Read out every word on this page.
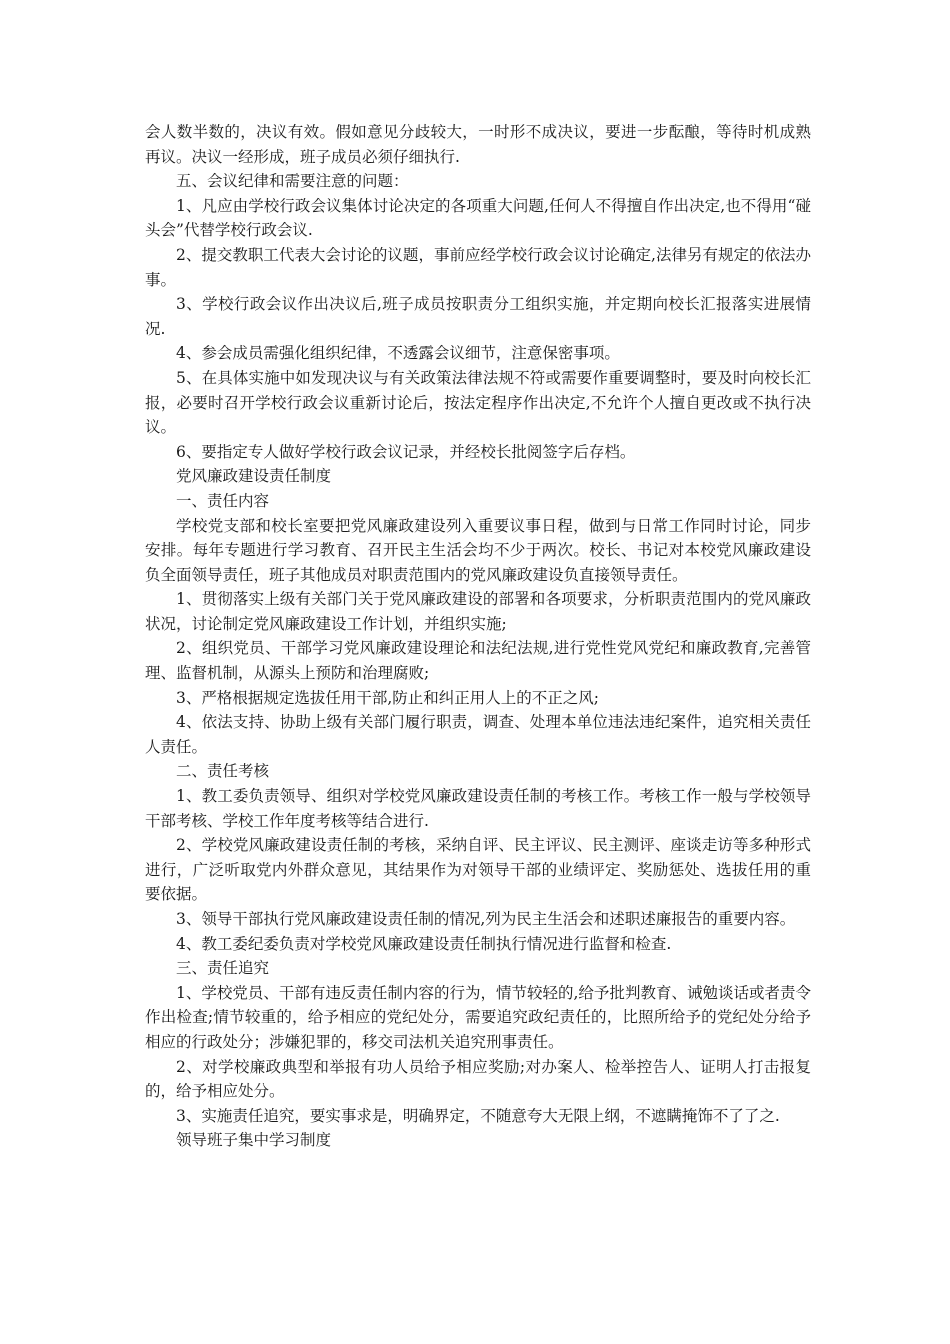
会人数半数的，决议有效。假如意见分歧较大，一时形不成决议，要进一步酝酿，等待时机成熟再议。决议一经形成，班子成员必须仔细执行.

五、会议纪律和需要注意的问题：

1、凡应由学校行政会议集体讨论决定的各项重大问题,任何人不得擅自作出决定,也不得用“碰头会”代替学校行政会议.

2、提交教职工代表大会讨论的议题，事前应经学校行政会议讨论确定,法律另有规定的依法办事。

3、学校行政会议作出决议后,班子成员按职责分工组织实施，并定期向校长汇报落实进展情况.

4、参会成员需强化组织纪律，不透露会议细节，注意保密事项。

5、在具体实施中如发现决议与有关政策法律法规不符或需要作重要调整时，要及时向校长汇报，必要时召开学校行政会议重新讨论后，按法定程序作出决定,不允许个人擅自更改或不执行决议。

6、要指定专人做好学校行政会议记录，并经校长批阅签字后存档。

党风廉政建设责任制度

一、责任内容

学校党支部和校长室要把党风廉政建设列入重要议事日程，做到与日常工作同时讨论，同步安排。每年专题进行学习教育、召开民主生活会均不少于两次。校长、书记对本校党风廉政建设负全面领导责任，班子其他成员对职责范围内的党风廉政建设负直接领导责任。

1、贯彻落实上级有关部门关于党风廉政建设的部署和各项要求，分析职责范围内的党风廉政状况，讨论制定党风廉政建设工作计划，并组织实施;

2、组织党员、干部学习党风廉政建设理论和法纪法规,进行党性党风党纪和廉政教育,完善管理、监督机制，从源头上预防和治理腐败;

3、严格根据规定选拔任用干部,防止和纠正用人上的不正之风;

4、依法支持、协助上级有关部门履行职责，调查、处理本单位违法违纪案件，追究相关责任人责任。

二、责任考核

1、教工委负责领导、组织对学校党风廉政建设责任制的考核工作。考核工作一般与学校领导干部考核、学校工作年度考核等结合进行.

2、学校党风廉政建设责任制的考核，采纳自评、民主评议、民主测评、座谈走访等多种形式进行，广泛听取党内外群众意见，其结果作为对领导干部的业绩评定、奖励惩处、选拔任用的重要依据。

3、领导干部执行党风廉政建设责任制的情况,列为民主生活会和述职述廉报告的重要内容。

4、教工委纪委负责对学校党风廉政建设责任制执行情况进行监督和检查.

三、责任追究

1、学校党员、干部有违反责任制内容的行为，情节较轻的,给予批判教育、诫勉谈话或者责令作出检查;情节较重的，给予相应的党纪处分，需要追究政纪责任的，比照所给予的党纪处分给予相应的行政处分；涉嫌犯罪的，移交司法机关追究刑事责任。

2、对学校廉政典型和举报有功人员给予相应奖励;对办案人、检举控告人、证明人打击报复的，给予相应处分。

3、实施责任追究，要实事求是，明确界定，不随意夸大无限上纲，不遮瞒掩饰不了了之.

领导班子集中学习制度
